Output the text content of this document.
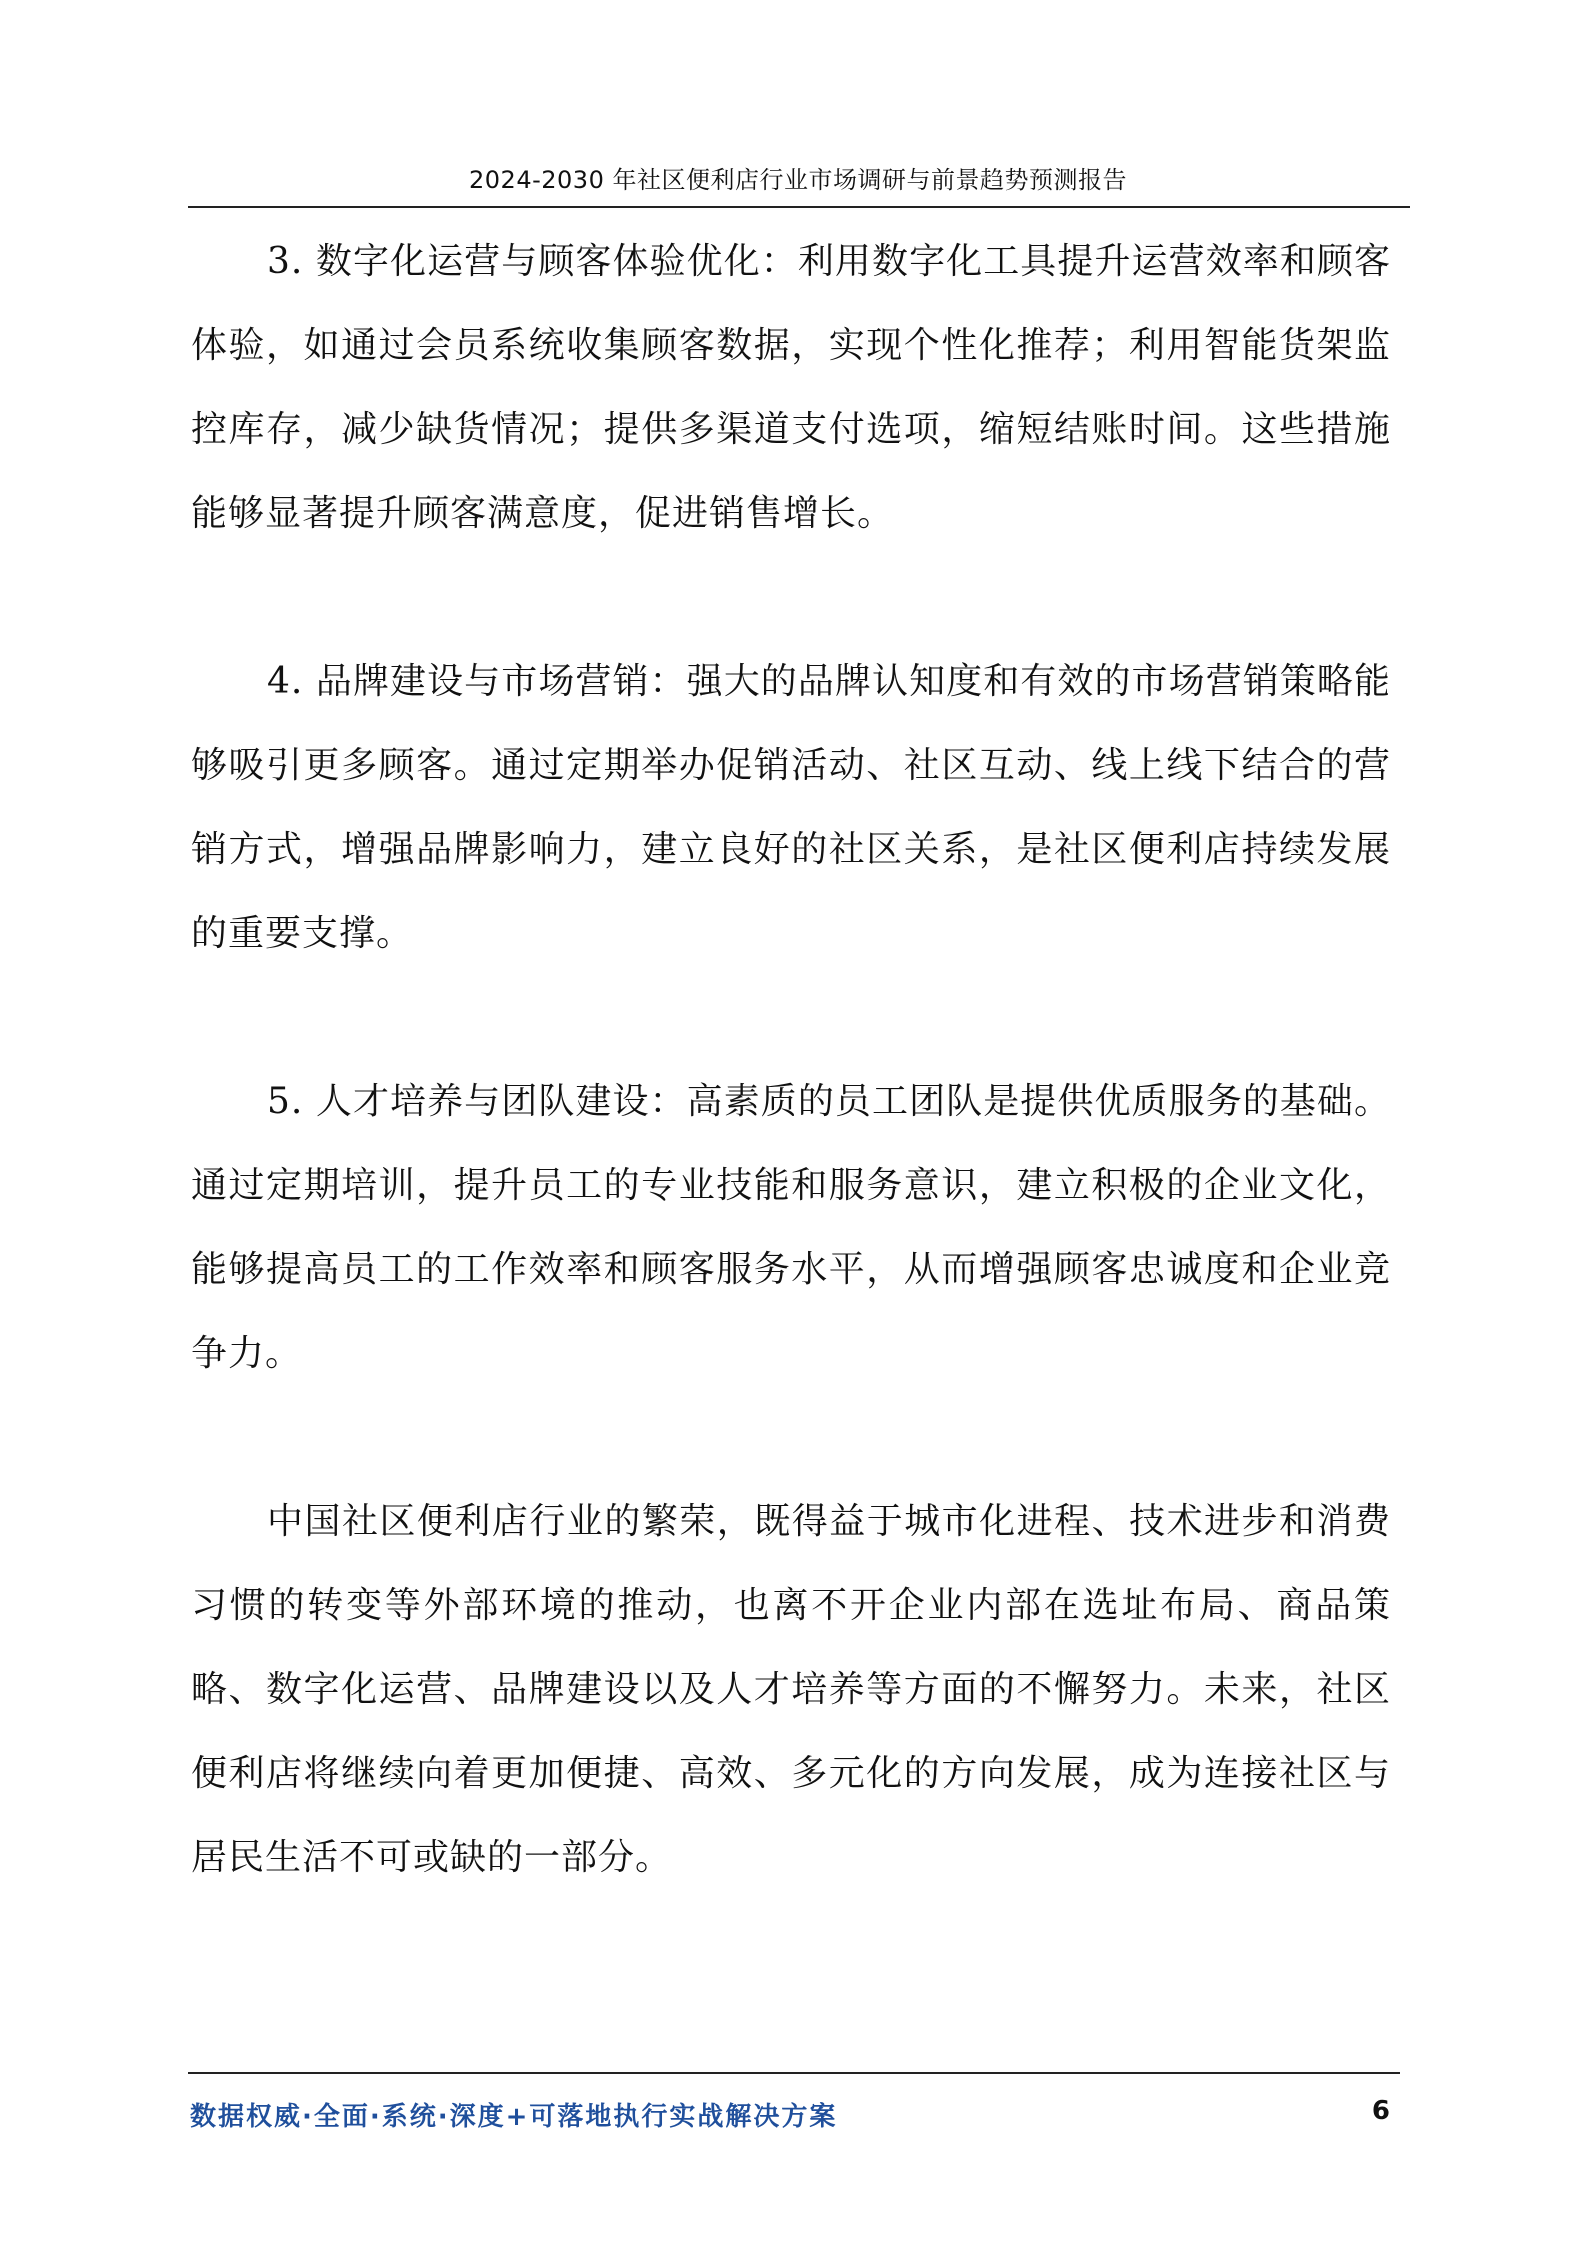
2024-2030 年社区便利店行业市场调研与前景趋势预测报告

3. 数字化运营与顾客体验优化：利用数字化工具提升运营效率和顾客体验，如通过会员系统收集顾客数据，实现个性化推荐；利用智能货架监控库存，减少缺货情况；提供多渠道支付选项，缩短结账时间。这些措施能够显著提升顾客满意度，促进销售增长。

4. 品牌建设与市场营销：强大的品牌认知度和有效的市场营销策略能够吸引更多顾客。通过定期举办促销活动、社区互动、线上线下结合的营销方式，增强品牌影响力，建立良好的社区关系，是社区便利店持续发展的重要支撑。

5. 人才培养与团队建设：高素质的员工团队是提供优质服务的基础。通过定期培训，提升员工的专业技能和服务意识，建立积极的企业文化，能够提高员工的工作效率和顾客服务水平，从而增强顾客忠诚度和企业竞争力。

中国社区便利店行业的繁荣，既得益于城市化进程、技术进步和消费习惯的转变等外部环境的推动，也离不开企业内部在选址布局、商品策略、数字化运营、品牌建设以及人才培养等方面的不懈努力。未来，社区便利店将继续向着更加便捷、高效、多元化的方向发展，成为连接社区与居民生活不可或缺的一部分。

数据权威·全面·系统·深度+可落地执行实战解决方案	6
